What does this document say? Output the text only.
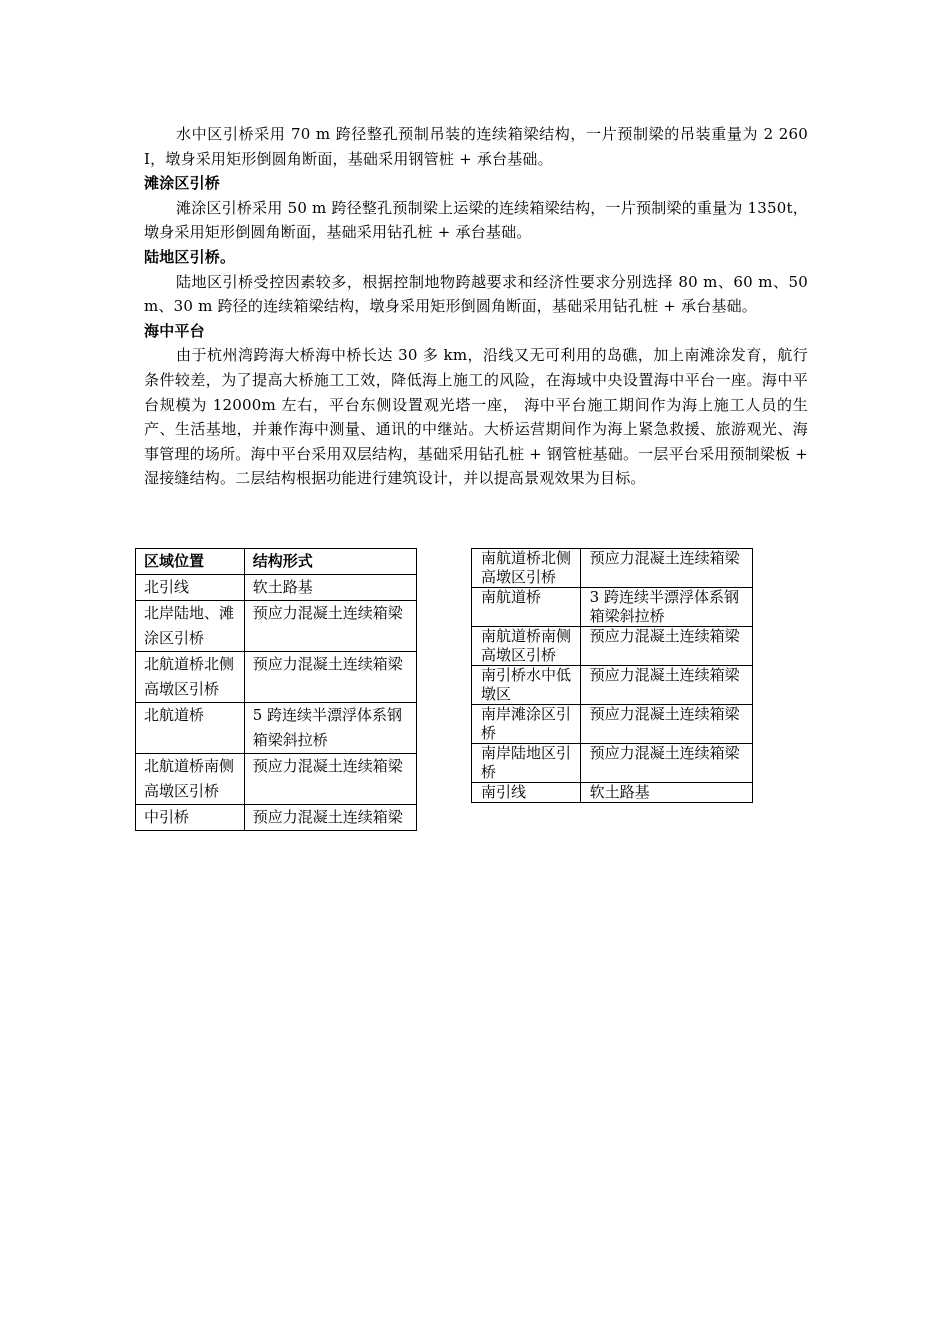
水中区引桥采用 70 m 跨径整孔预制吊装的连续箱梁结构，一片预制梁的吊装重量为 2 260 I，墩身采用矩形倒圆角断面，基础采用钢管桩 + 承台基础。

滩涂区引桥

滩涂区引桥采用 50 m 跨径整孔预制梁上运梁的连续箱梁结构，一片预制梁的重量为 1350t，墩身采用矩形倒圆角断面，基础采用钻孔桩 + 承台基础。

陆地区引桥。

陆地区引桥受控因素较多，根据控制地物跨越要求和经济性要求分别选择 80 m、60 m、50 m、30 m 跨径的连续箱梁结构，墩身采用矩形倒圆角断面，基础采用钻孔桩 + 承台基础。

海中平台

由于杭州湾跨海大桥海中桥长达 30 多 km，沿线又无可利用的岛礁，加上南滩涂发育，航行条件较差，为了提高大桥施工工效，降低海上施工的风险，在海域中央设置海中平台一座。海中平台规模为 12000m 左右，平台东侧设置观光塔一座， 海中平台施工期间作为海上施工人员的生产、生活基地，并兼作海中测量、通讯的中继站。大桥运营期间作为海上紧急救援、旅游观光、海事管理的场所。海中平台采用双层结构，基础采用钻孔桩 + 钢管桩基础。一层平台采用预制梁板 + 湿接缝结构。二层结构根据功能进行建筑设计，并以提高景观效果为目标。

区域位置	结构形式

北引线	软土路基

北岸陆地、滩涂区引桥	预应力混凝土连续箱梁

北航道桥北侧高墩区引桥	预应力混凝土连续箱梁

北航道桥	5 跨连续半漂浮体系钢箱梁斜拉桥

北航道桥南侧高墩区引桥	预应力混凝土连续箱梁

中引桥	预应力混凝土连续箱梁
南航道桥北侧高墩区引桥	预应力混凝土连续箱梁

南航道桥	3 跨连续半漂浮体系钢箱梁斜拉桥

南航道桥南侧高墩区引桥	预应力混凝土连续箱梁

南引桥水中低墩区	预应力混凝土连续箱梁

南岸滩涂区引桥	预应力混凝土连续箱梁

南岸陆地区引桥	预应力混凝土连续箱梁

南引线	软土路基
